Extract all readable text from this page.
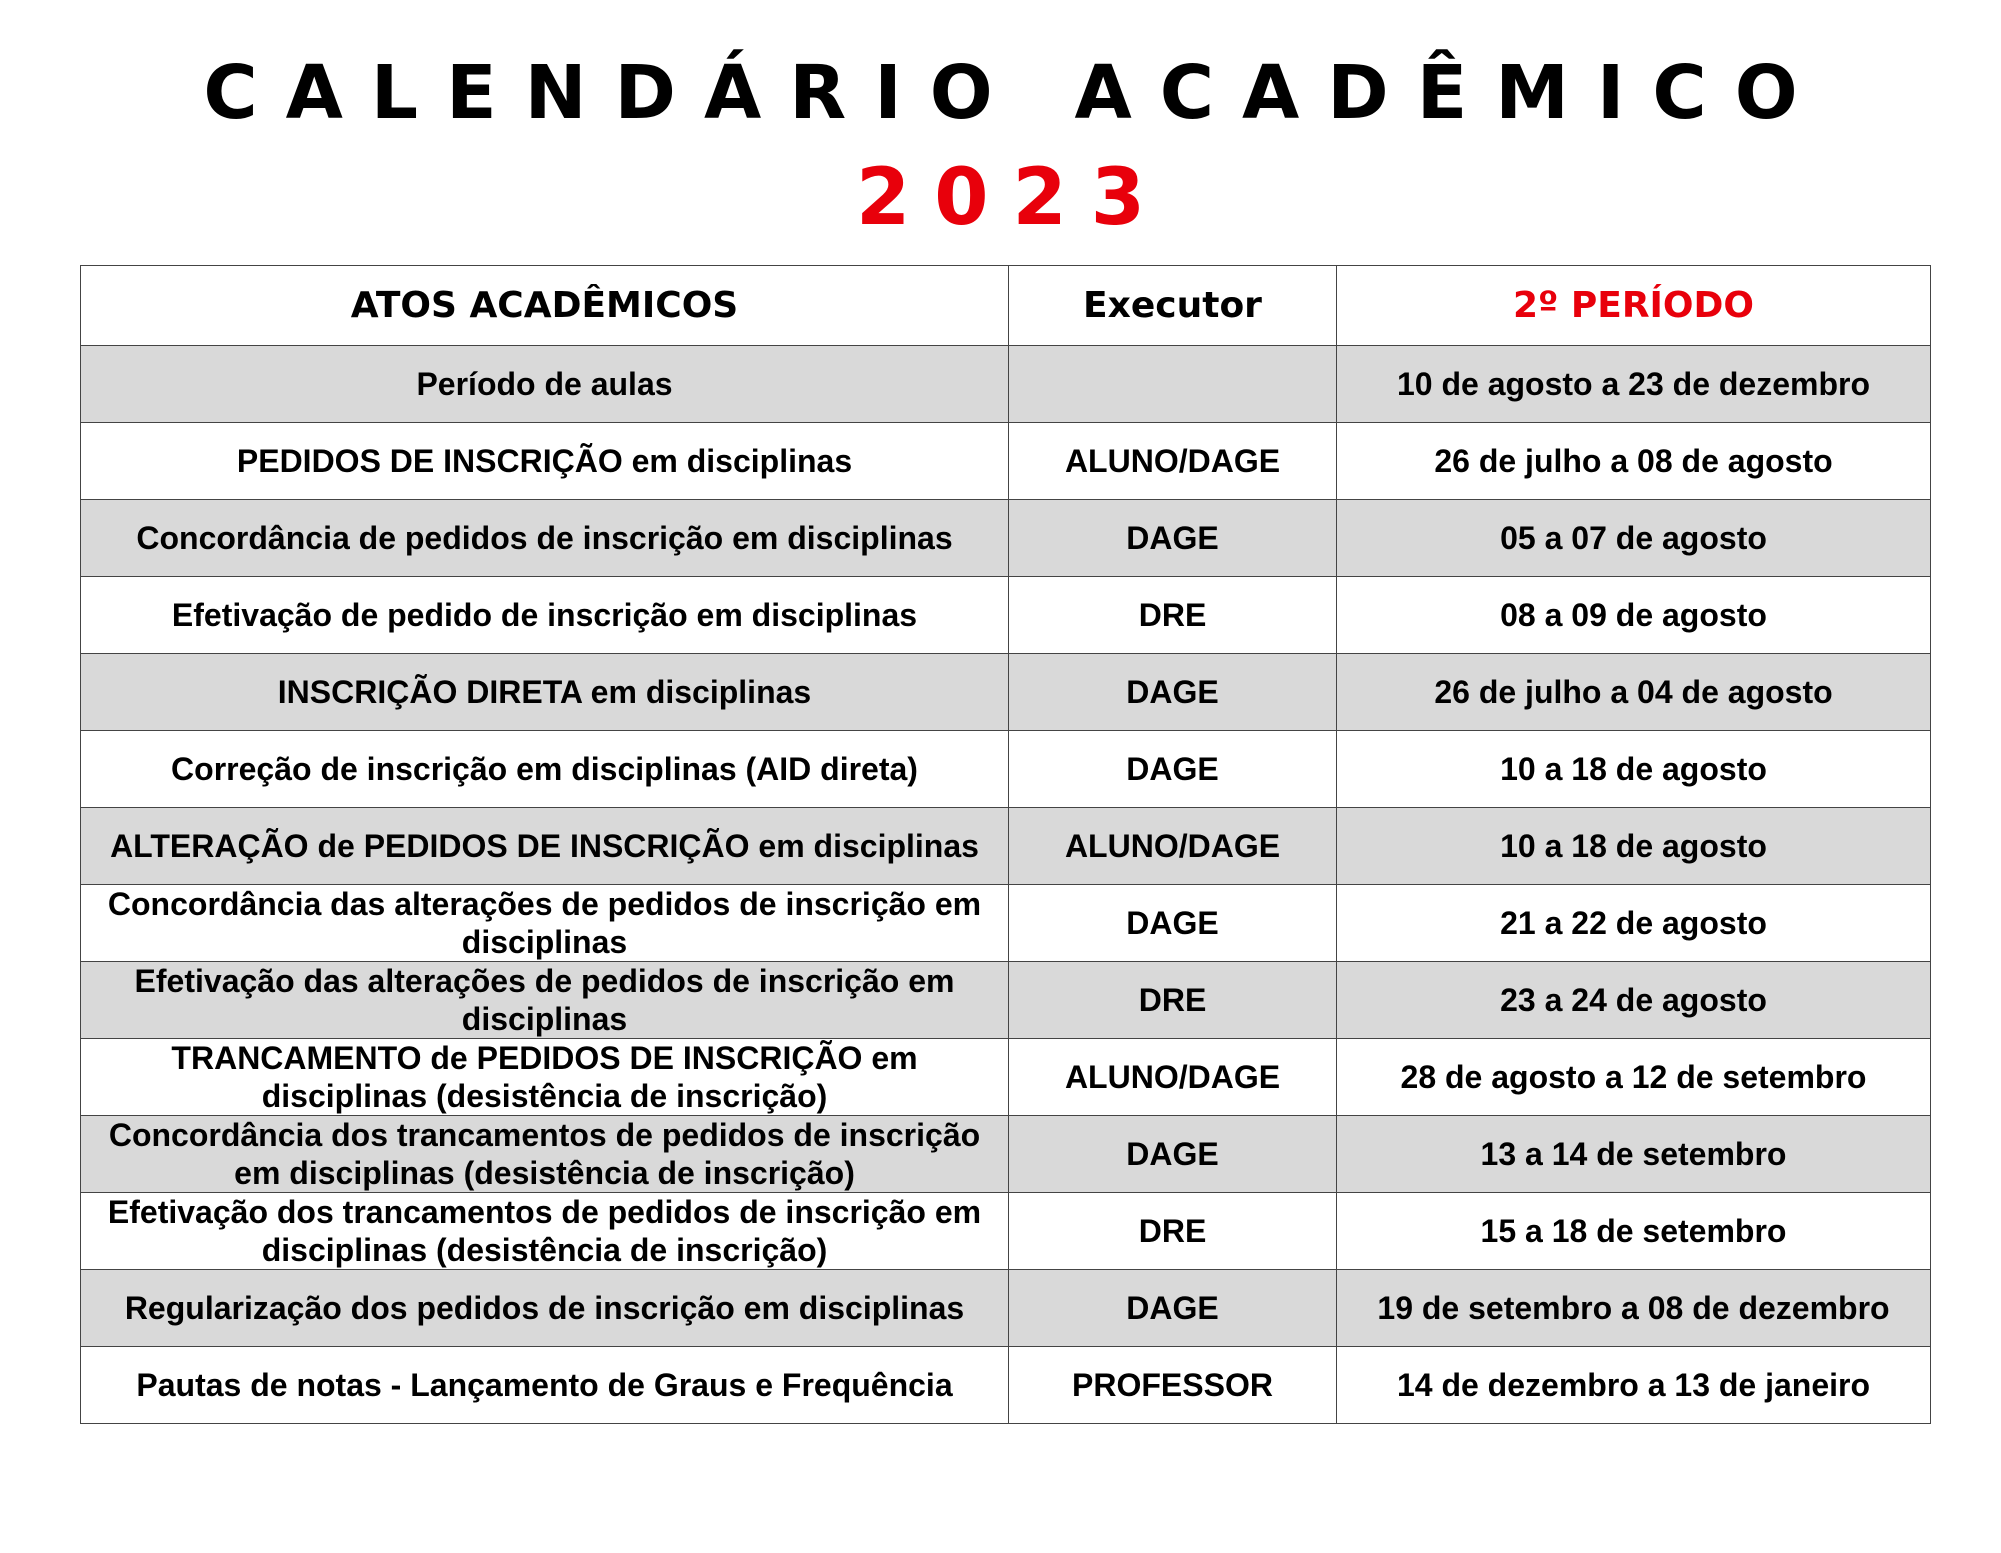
CALENDÁRIO ACADÊMICO
2023
ATOS ACADÊMICOS	Executor	2º PERÍODO
Período de aulas		10 de agosto a 23 de dezembro
PEDIDOS DE INSCRIÇÃO em disciplinas	ALUNO/DAGE	26 de julho a 08 de agosto
Concordância de pedidos de inscrição em disciplinas	DAGE	05 a 07 de agosto
Efetivação de pedido de inscrição em disciplinas	DRE	08 a 09 de agosto
INSCRIÇÃO DIRETA em disciplinas	DAGE	26 de julho a 04 de agosto
Correção de inscrição em disciplinas (AID direta)	DAGE	10 a 18 de agosto
ALTERAÇÃO de PEDIDOS DE INSCRIÇÃO em disciplinas	ALUNO/DAGE	10 a 18 de agosto
Concordância das alterações de pedidos de inscrição em disciplinas	DAGE	21 a 22 de agosto
Efetivação das alterações de pedidos de inscrição em disciplinas	DRE	23 a 24 de agosto
TRANCAMENTO de PEDIDOS DE INSCRIÇÃO em disciplinas (desistência de inscrição)	ALUNO/DAGE	28 de agosto a 12 de setembro
Concordância dos trancamentos de pedidos de inscrição em disciplinas (desistência de inscrição)	DAGE	13 a 14 de setembro
Efetivação dos trancamentos de pedidos de inscrição em disciplinas (desistência de inscrição)	DRE	15 a 18 de setembro
Regularização dos pedidos de inscrição em disciplinas	DAGE	19 de setembro a 08 de dezembro
Pautas de notas - Lançamento de Graus e Frequência	PROFESSOR	14 de dezembro a 13 de janeiro
